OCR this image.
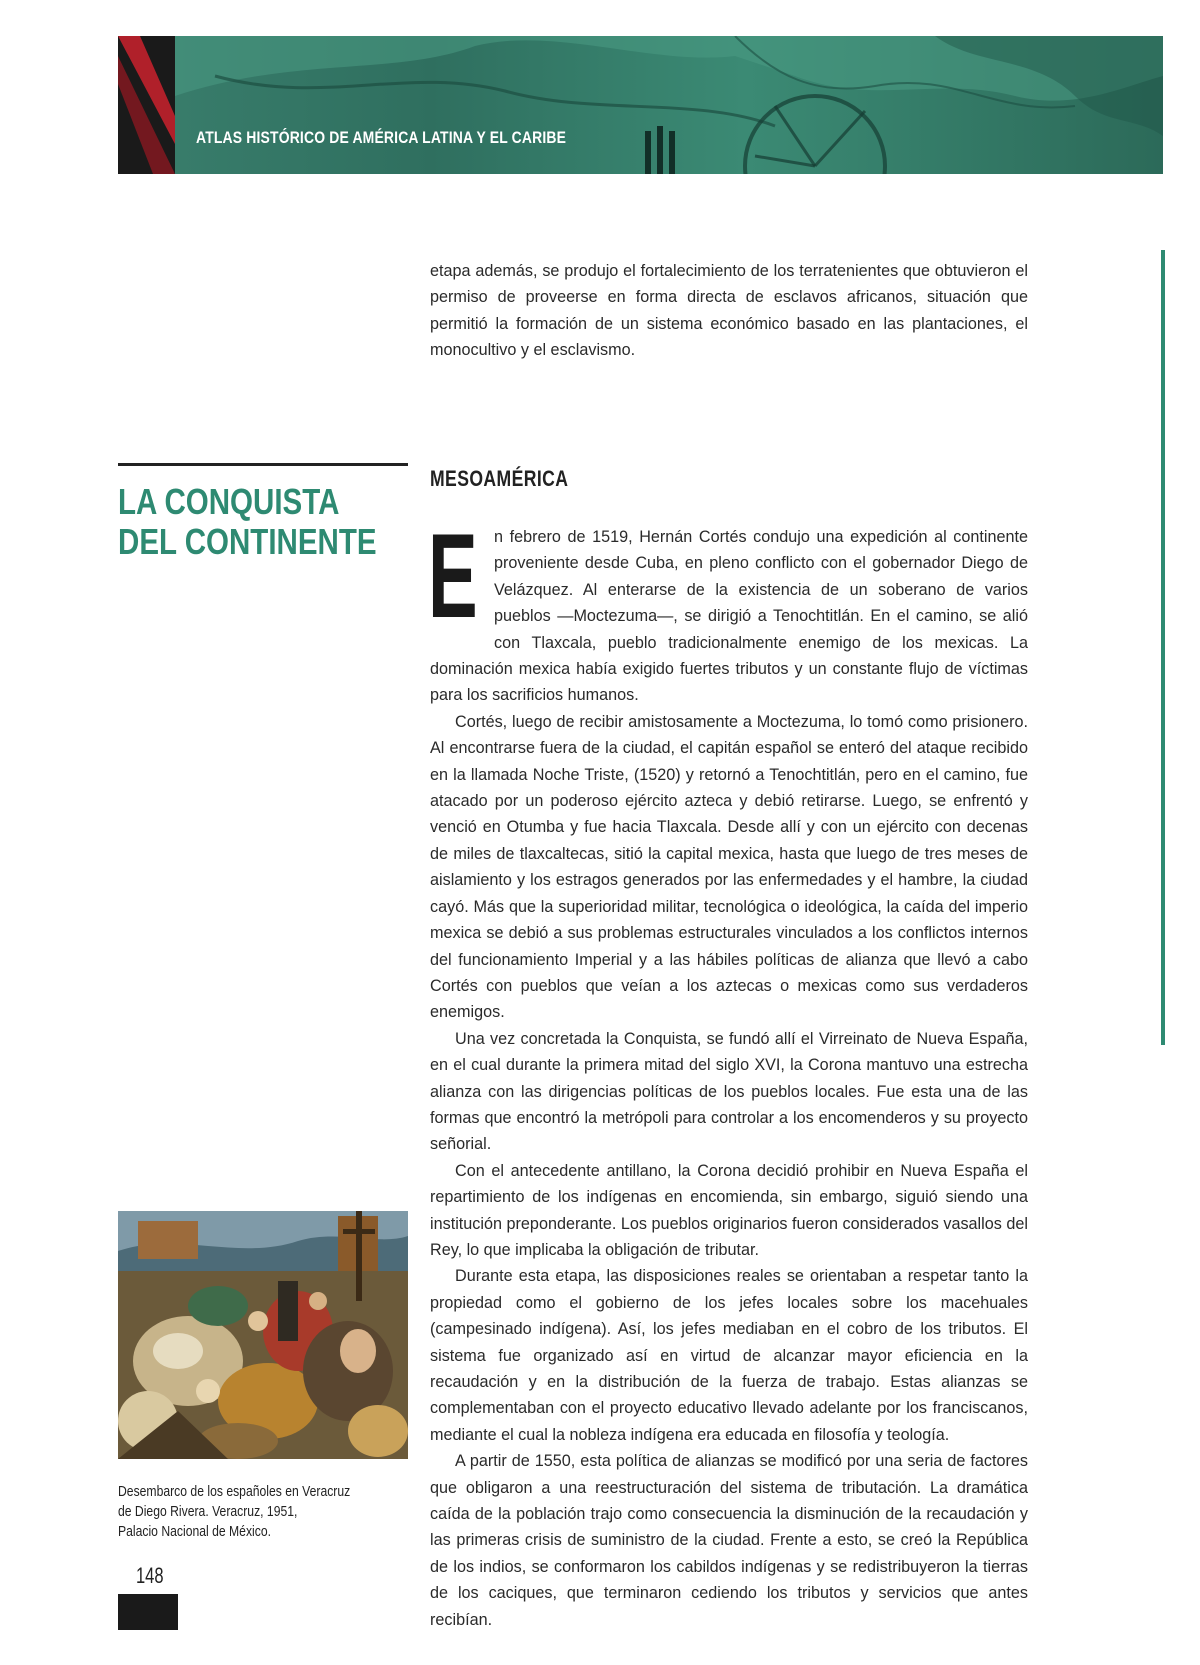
ATLAS HISTÓRICO DE AMÉRICA LATINA Y EL CARIBE

etapa además, se produjo el fortalecimiento de los terratenientes que obtuvieron el permiso de proveerse en forma directa de esclavos africanos, situación que permitió la formación de un sistema económico basado en las plantaciones, el monocultivo y el esclavismo.

LA CONQUISTA
DEL CONTINENTE
MESOAMÉRICA

E n febrero de 1519, Hernán Cortés condujo una expedición al continente proveniente desde Cuba, en pleno conflicto con el gobernador Diego de Velázquez. Al enterarse de la existencia de un soberano de varios pueblos —Moctezuma—, se dirigió a Tenochtitlán. En el camino, se alió con Tlaxcala, pueblo tradicionalmente enemigo de los mexicas. La dominación mexica había exigido fuertes tributos y un constante flujo de víctimas para los sacrificios humanos.

Cortés, luego de recibir amistosamente a Moctezuma, lo tomó como prisionero. Al encontrarse fuera de la ciudad, el capitán español se enteró del ataque recibido en la llamada Noche Triste, (1520) y retornó a Tenochtitlán, pero en el camino, fue atacado por un poderoso ejército azteca y debió retirarse. Luego, se enfrentó y venció en Otumba y fue hacia Tlaxcala. Desde allí y con un ejército con decenas de miles de tlaxcaltecas, sitió la capital mexica, hasta que luego de tres meses de aislamiento y los estragos generados por las enfermedades y el hambre, la ciudad cayó. Más que la superioridad militar, tecnológica o ideológica, la caída del imperio mexica se debió a sus problemas estructurales vinculados a los conflictos internos del funcionamiento Imperial y a las hábiles políticas de alianza que llevó a cabo Cortés con pueblos que veían a los aztecas o mexicas como sus verdaderos enemigos.

Una vez concretada la Conquista, se fundó allí el Virreinato de Nueva España, en el cual durante la primera mitad del siglo XVI, la Corona mantuvo una estrecha alianza con las dirigencias políticas de los pueblos locales. Fue esta una de las formas que encontró la metrópoli para controlar a los encomenderos y su proyecto señorial.

Con el antecedente antillano, la Corona decidió prohibir en Nueva España el repartimiento de los indígenas en encomienda, sin embargo, siguió siendo una institución preponderante. Los pueblos originarios fueron considerados vasallos del Rey, lo que implicaba la obligación de tributar.

Durante esta etapa, las disposiciones reales se orientaban a respetar tanto la propiedad como el gobierno de los jefes locales sobre los macehuales (campesinado indígena). Así, los jefes mediaban en el cobro de los tributos. El sistema fue organizado así en virtud de alcanzar mayor eficiencia en la recaudación y en la distribución de la fuerza de trabajo. Estas alianzas se complementaban con el proyecto educativo llevado adelante por los franciscanos, mediante el cual la nobleza indígena era educada en filosofía y teología.

A partir de 1550, esta política de alianzas se modificó por una seria de factores que obligaron a una reestructuración del sistema de tributación. La dramática caída de la población trajo como consecuencia la disminución de la recaudación y las primeras crisis de suministro de la ciudad. Frente a esto, se creó la República de los indios, se conformaron los cabildos indígenas y se redistribuyeron la tierras de los caciques, que terminaron cediendo los tributos y servicios que antes recibían.

Desembarco de los españoles en Veracruz
de Diego Rivera. Veracruz, 1951,
Palacio Nacional de México.
148
